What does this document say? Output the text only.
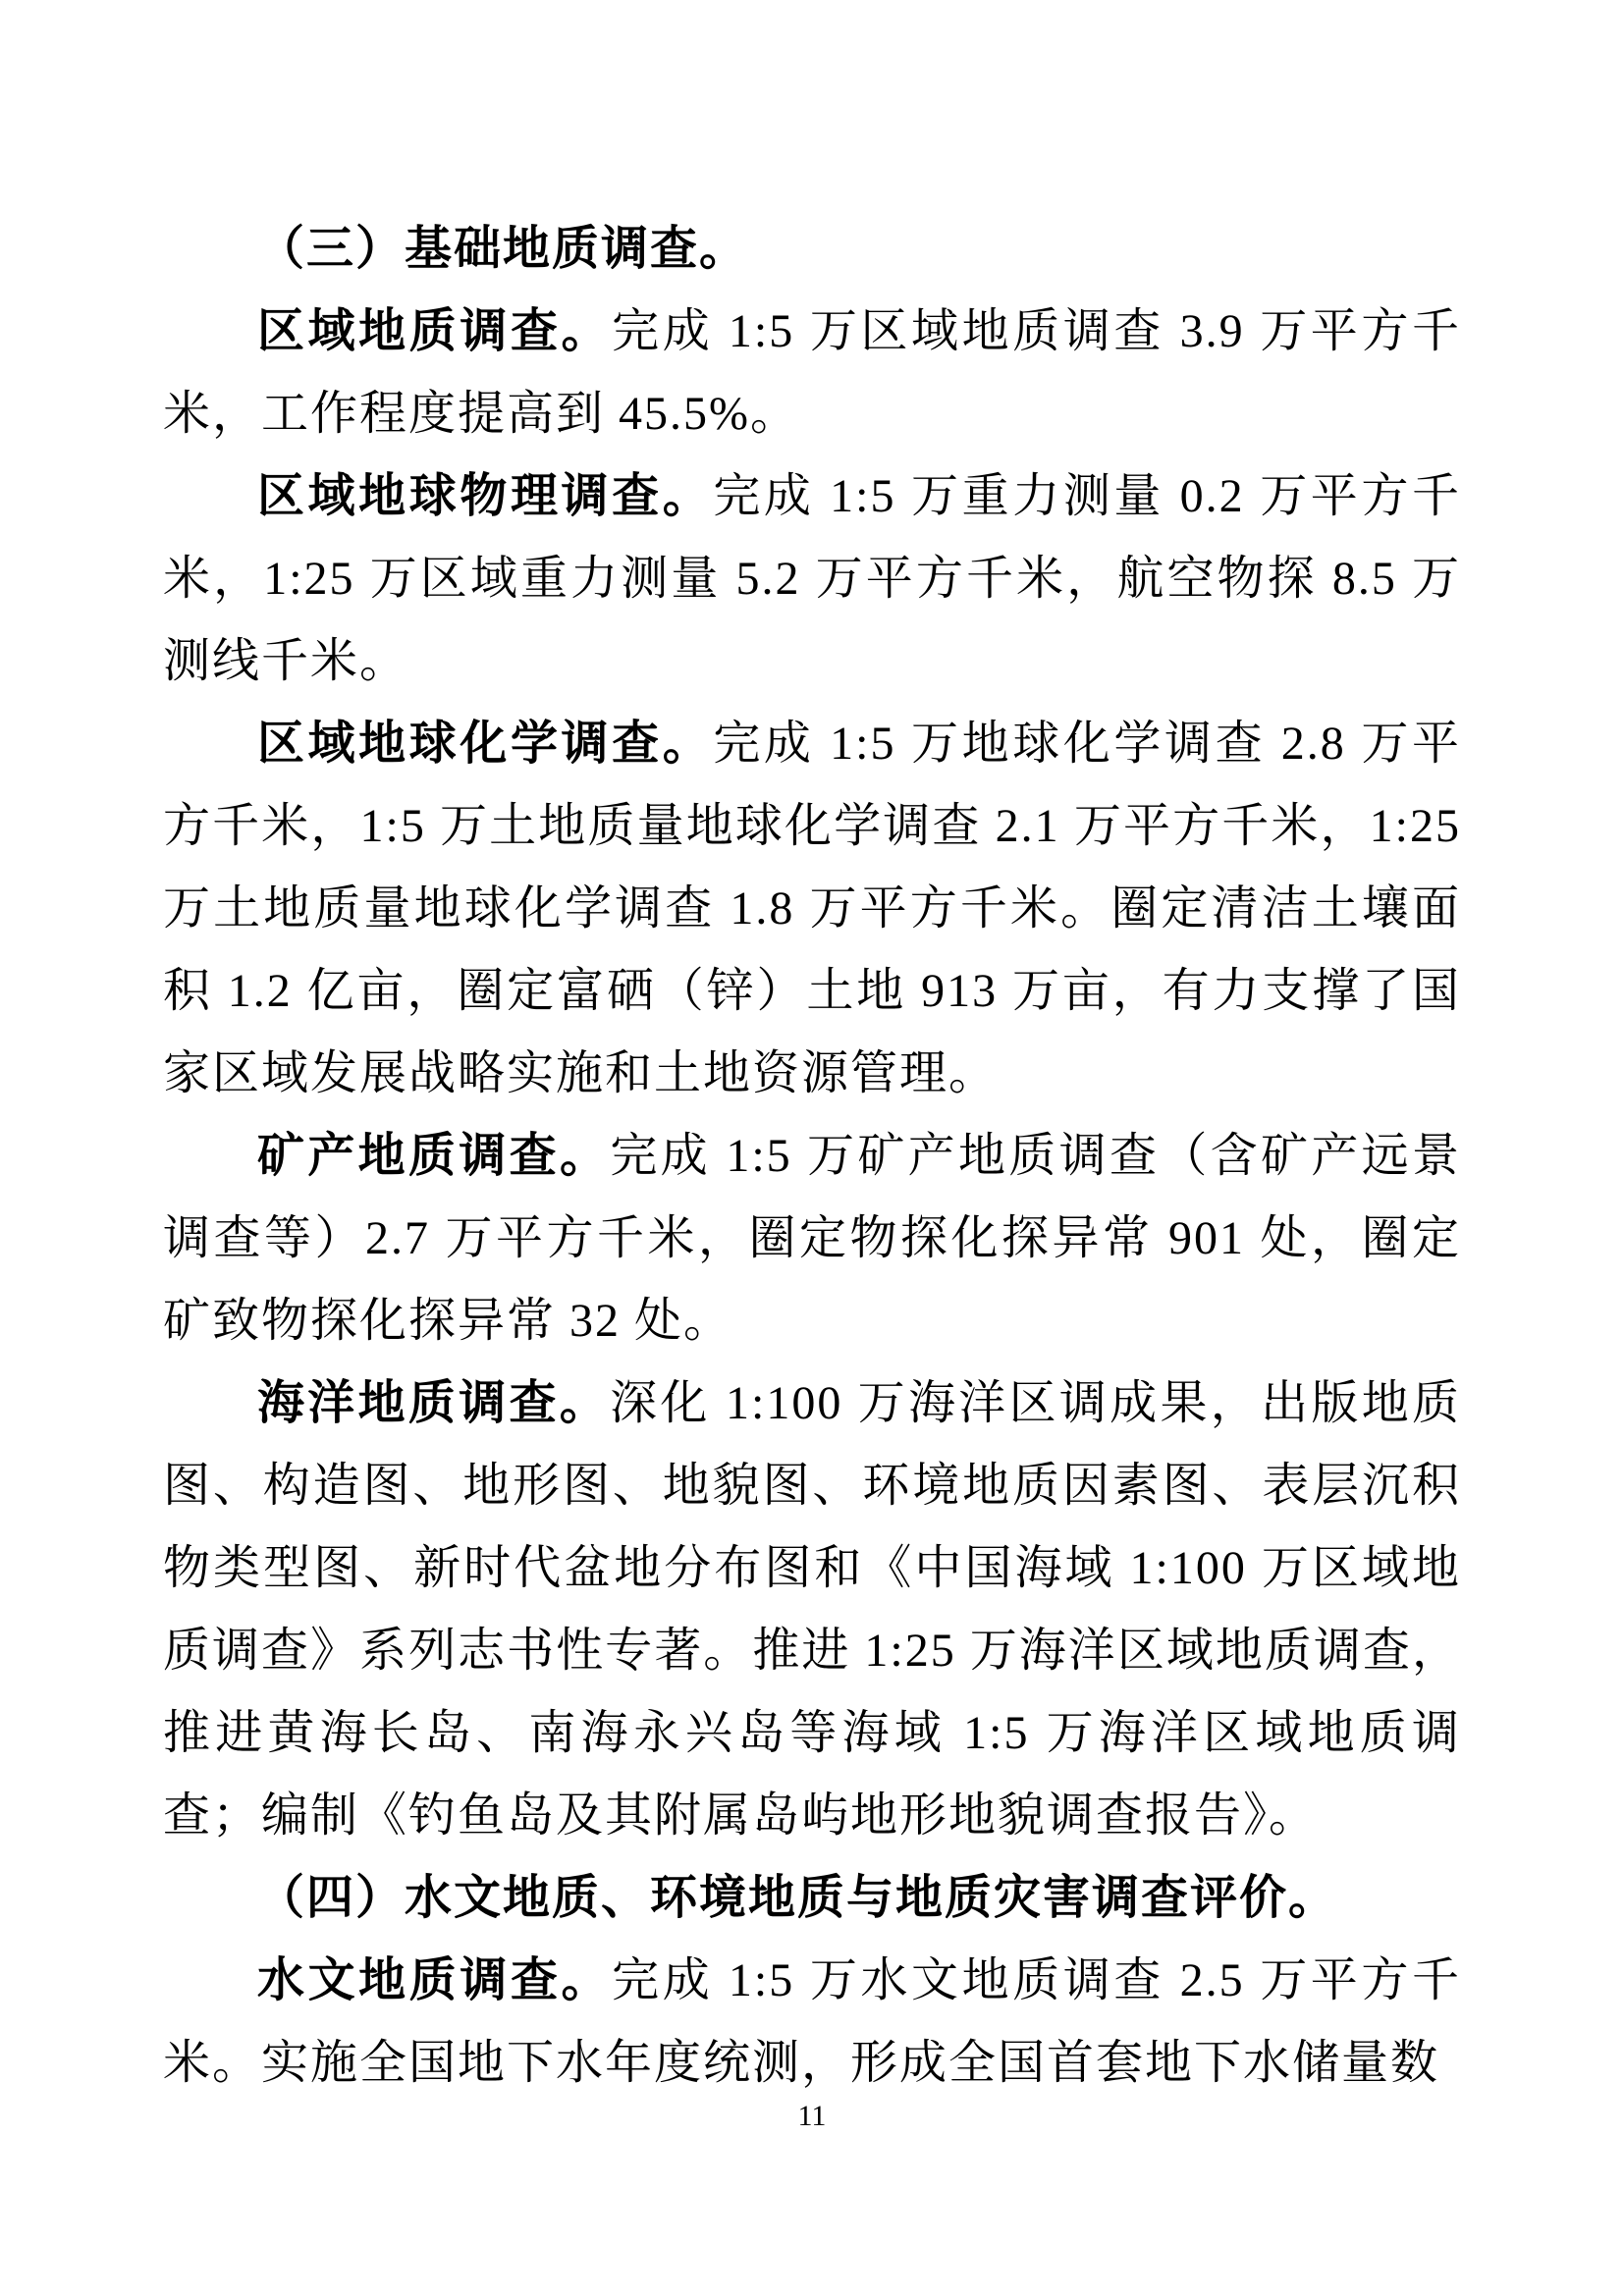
（三）基础地质调查。

区域地质调查。完成 1:5 万区域地质调查 3.9 万平方千米，工作程度提高到 45.5%。

区域地球物理调查。完成 1:5 万重力测量 0.2 万平方千米，1:25 万区域重力测量 5.2 万平方千米，航空物探 8.5 万测线千米。

区域地球化学调查。完成 1:5 万地球化学调查 2.8 万平方千米，1:5 万土地质量地球化学调查 2.1 万平方千米，1:25 万土地质量地球化学调查 1.8 万平方千米。圈定清洁土壤面积 1.2 亿亩，圈定富硒（锌）土地 913 万亩，有力支撑了国家区域发展战略实施和土地资源管理。

矿产地质调查。完成 1:5 万矿产地质调查（含矿产远景调查等）2.7 万平方千米，圈定物探化探异常 901 处，圈定矿致物探化探异常 32 处。

海洋地质调查。深化 1:100 万海洋区调成果，出版地质图、构造图、地形图、地貌图、环境地质因素图、表层沉积物类型图、新时代盆地分布图和《中国海域 1:100 万区域地质调查》系列志书性专著。推进 1:25 万海洋区域地质调查，推进黄海长岛、南海永兴岛等海域 1:5 万海洋区域地质调查；编制《钓鱼岛及其附属岛屿地形地貌调查报告》。

（四）水文地质、环境地质与地质灾害调查评价。

水文地质调查。完成 1:5 万水文地质调查 2.5 万平方千米。实施全国地下水年度统测，形成全国首套地下水储量数

11
